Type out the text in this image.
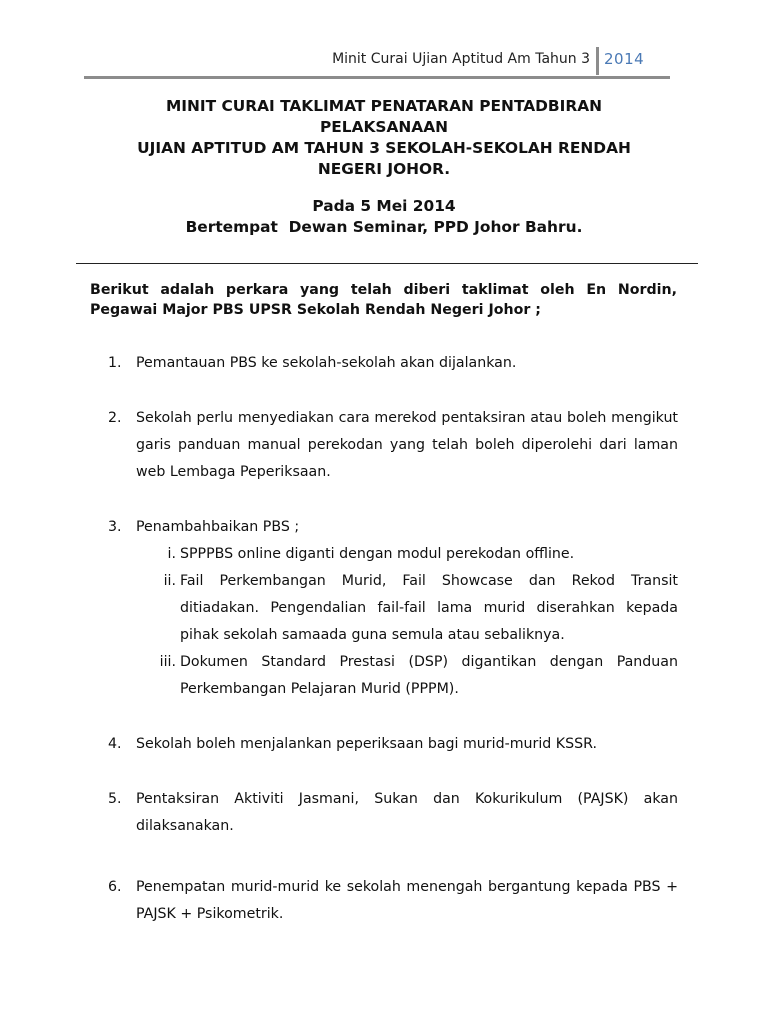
Minit Curai Ujian Aptitud Am Tahun 3 2014
MINIT CURAI TAKLIMAT PENATARAN PENTADBIRAN
PELAKSANAAN
UJIAN APTITUD AM TAHUN 3 SEKOLAH-SEKOLAH RENDAH
NEGERI JOHOR.
Pada 5 Mei 2014
Bertempat  Dewan Seminar, PPD Johor Bahru.
Berikut adalah perkara yang telah diberi taklimat oleh En Nordin, Pegawai Major PBS UPSR Sekolah Rendah Negeri Johor ;
1. Pemantauan PBS ke sekolah-sekolah akan dijalankan.
2. Sekolah perlu menyediakan cara merekod pentaksiran atau boleh mengikut garis panduan manual perekodan yang telah boleh diperolehi dari laman web Lembaga Peperiksaan.
3. Penambahbaikan PBS ;
i. SPPPBS online diganti dengan modul perekodan offline.
ii. Fail Perkembangan Murid, Fail Showcase dan Rekod Transit ditiadakan. Pengendalian fail-fail lama murid diserahkan kepada pihak sekolah samaada guna semula atau sebaliknya.
iii. Dokumen Standard Prestasi (DSP) digantikan dengan Panduan Perkembangan Pelajaran Murid (PPPM).
4. Sekolah boleh menjalankan peperiksaan bagi murid-murid KSSR.
5. Pentaksiran Aktiviti Jasmani, Sukan dan Kokurikulum (PAJSK) akan dilaksanakan.
6. Penempatan murid-murid ke sekolah menengah bergantung kepada PBS + PAJSK + Psikometrik.
